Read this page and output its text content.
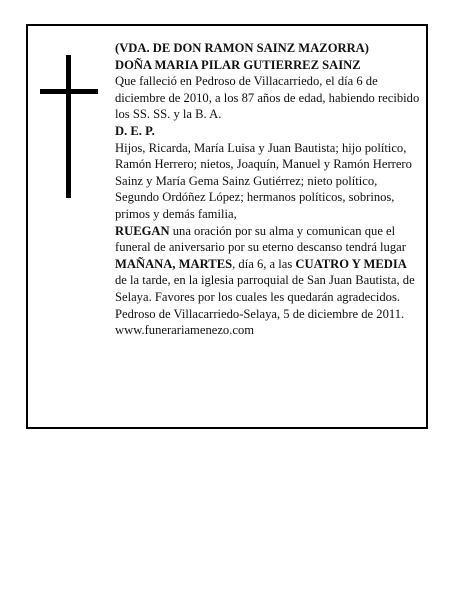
(VDA. DE DON RAMON SAINZ MAZORRA)

DOÑA MARIA PILAR GUTIERREZ SAINZ

Que falleció en Pedroso de Villacarriedo, el día 6 de diciembre de 2010, a los 87 años de edad, habiendo recibido los SS. SS. y la B. A.

D. E. P.

Hijos, Ricarda, María Luisa y Juan Bautista; hijo político, Ramón Herrero; nietos, Joaquín, Manuel y Ramón Herrero Sainz y María Gema Sainz Gutiérrez; nieto político, Segundo Ordóñez López; hermanos políticos, sobrinos, primos y demás familia,

RUEGAN una oración por su alma y comunican que el funeral de aniversario por su eterno descanso tendrá lugar MAÑANA, MARTES, día 6, a las CUATRO Y MEDIA de la tarde, en la iglesia parroquial de San Juan Bautista, de Selaya. Favores por los cuales les quedarán agradecidos.

Pedroso de Villacarriedo-Selaya, 5 de diciembre de 2011.

www.funerariamenezo.com
